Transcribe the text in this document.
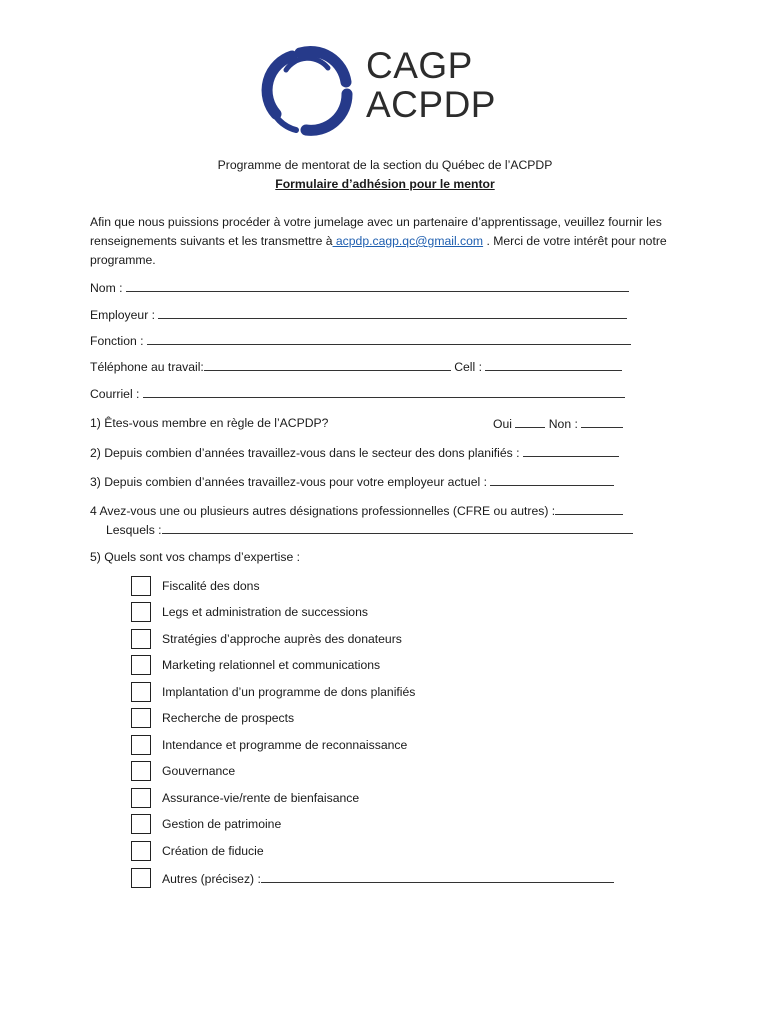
CAGP
ACPDP
Programme de mentorat de la section du Québec de l’ACPDP
Formulaire d’adhésion pour le mentor
Afin que nous puissions procéder à votre jumelage avec un partenaire d’apprentissage, veuillez fournir les renseignements suivants et les transmettre à acpdp.cagp.qc@gmail.com . Merci de votre intérêt pour notre programme.
Nom :
Employeur :
Fonction :
Téléphone au travail:	Cell :
Courriel :
1) Êtes-vous membre en règle de l’ACPDP?	Oui  Non :
2) Depuis combien d’années travaillez-vous dans le secteur des dons planifiés :
3) Depuis combien d’années travaillez-vous pour votre employeur actuel :
4 Avez-vous une ou plusieurs autres désignations professionnelles (CFRE ou autres) :
Lesquels :
5) Quels sont vos champs d’expertise :
Fiscalité des dons
Legs et administration de successions
Stratégies d’approche auprès des donateurs
Marketing relationnel et communications
Implantation d’un programme de dons planifiés
Recherche de prospects
Intendance et programme de reconnaissance
Gouvernance
Assurance-vie/rente de bienfaisance
Gestion de patrimoine
Création de fiducie
Autres (précisez) :
